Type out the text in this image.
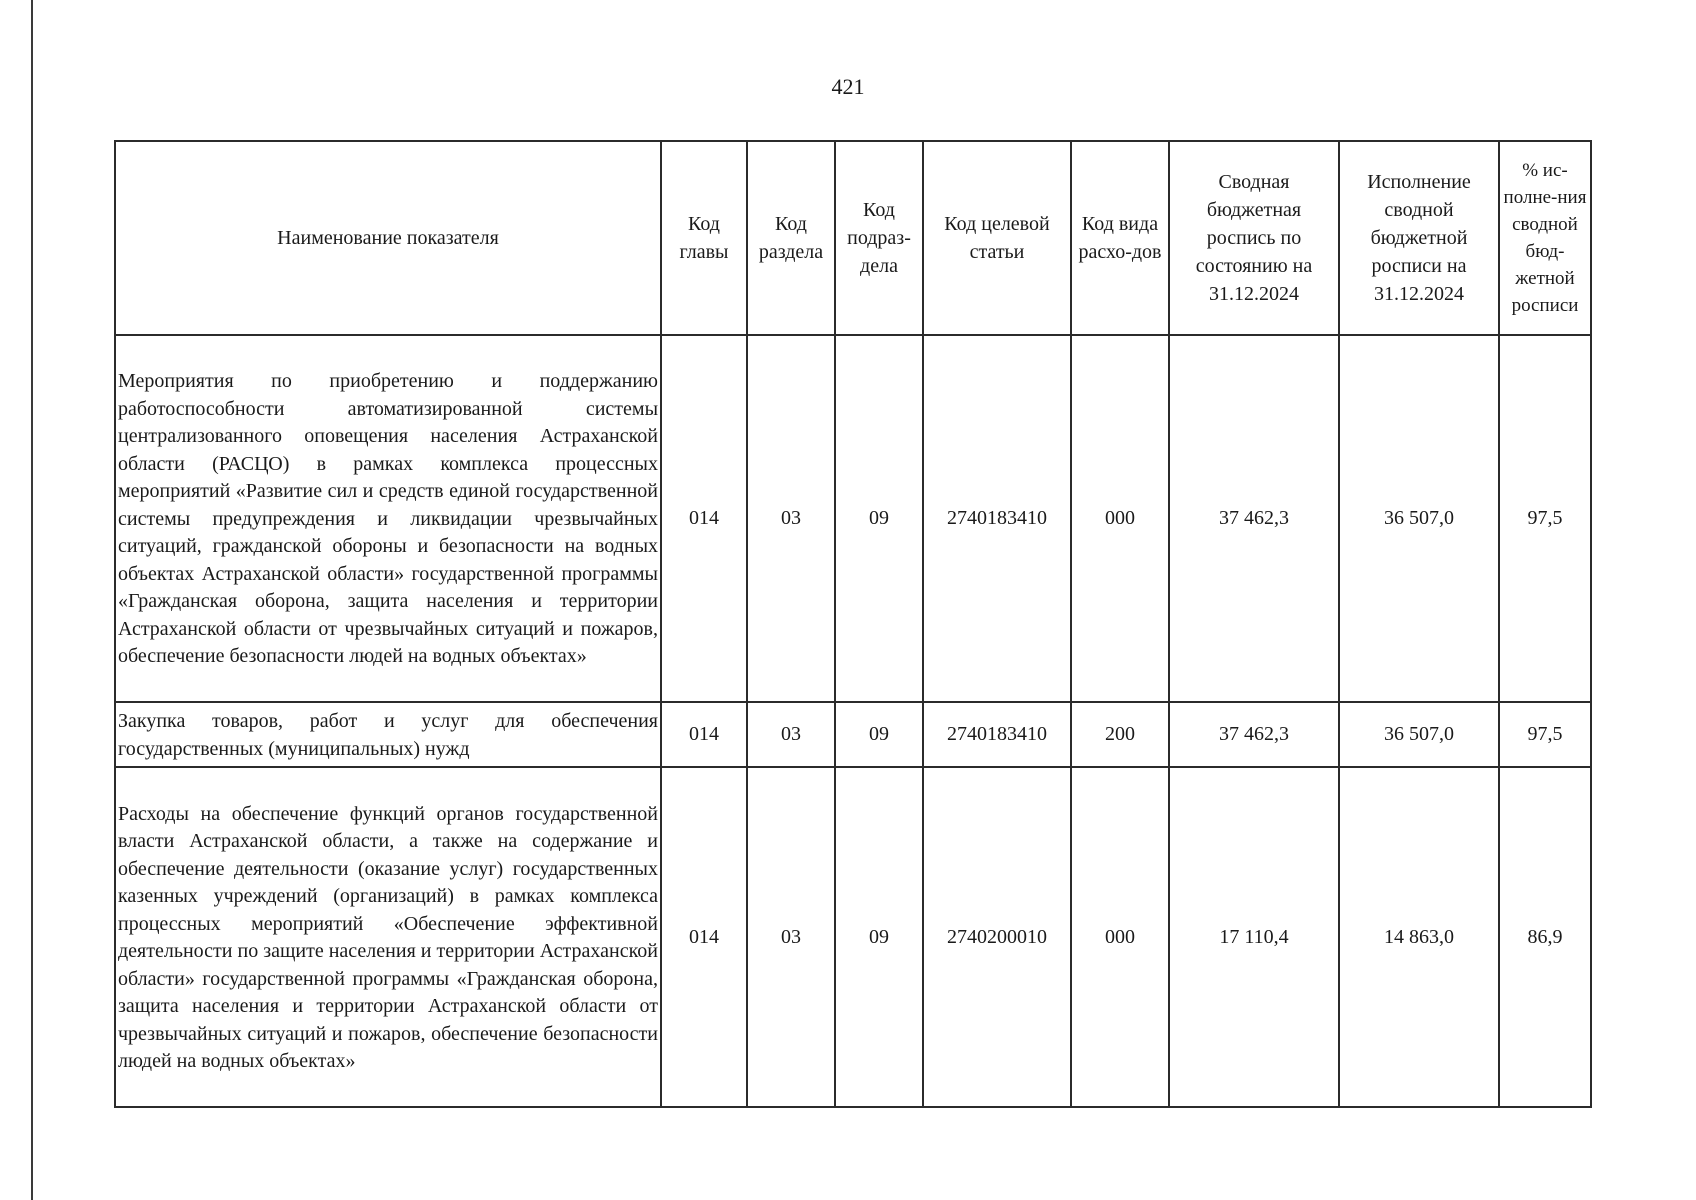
421
Наименование показателя	Код главы	Код раздела	Код подраз-дела	Код целевой статьи	Код вида расхо-дов	Сводная бюджетная роспись по состоянию на 31.12.2024	Исполнение сводной бюджетной росписи на 31.12.2024	% ис-полне-ния сводной бюд-жетной росписи
Мероприятия по приобретению и поддержанию работоспособности автоматизированной системы централизованного оповещения населения Астраханской области (РАСЦО) в рамках комплекса процессных мероприятий «Развитие сил и средств единой государственной системы предупреждения и ликвидации чрезвычайных ситуаций, гражданской обороны и безопасности на водных объектах Астраханской области» государственной программы «Гражданская оборона, защита населения и территории Астраханской области от чрезвычайных ситуаций и пожаров, обеспечение безопасности людей на водных объектах»	014	03	09	2740183410	000	37 462,3	36 507,0	97,5
Закупка товаров, работ и услуг для обеспечения государственных (муниципальных) нужд	014	03	09	2740183410	200	37 462,3	36 507,0	97,5
Расходы на обеспечение функций органов государственной власти Астраханской области, а также на содержание и обеспечение деятельности (оказание услуг) государственных казенных учреждений (организаций) в рамках комплекса процессных мероприятий «Обеспечение эффективной деятельности по защите населения и территории Астраханской области» государственной программы «Гражданская оборона, защита населения и территории Астраханской области от чрезвычайных ситуаций и пожаров, обеспечение безопасности людей на водных объектах»	014	03	09	2740200010	000	17 110,4	14 863,0	86,9
